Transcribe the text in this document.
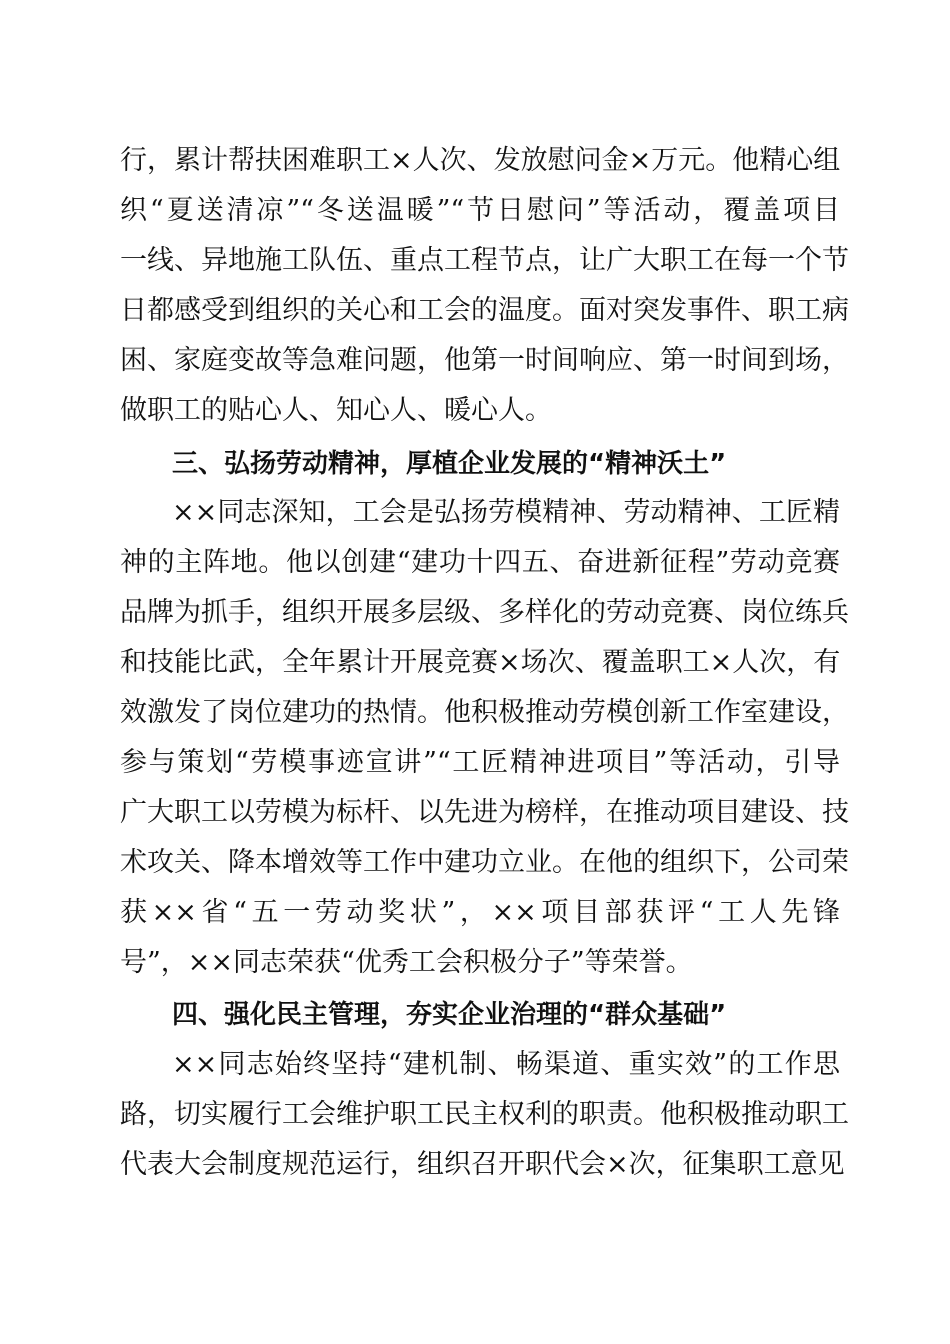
行，累计帮扶困难职工×人次、发放慰问金×万元。他精心组
织“夏送清凉”“冬送温暖”“节日慰问”等活动，覆盖项目
一线、异地施工队伍、重点工程节点，让广大职工在每一个节
日都感受到组织的关心和工会的温度。面对突发事件、职工病
困、家庭变故等急难问题，他第一时间响应、第一时间到场，
做职工的贴心人、知心人、暖心人。
三、弘扬劳动精神，厚植企业发展的“精神沃土”
××同志深知，工会是弘扬劳模精神、劳动精神、工匠精
神的主阵地。他以创建“建功十四五、奋进新征程”劳动竞赛
品牌为抓手，组织开展多层级、多样化的劳动竞赛、岗位练兵
和技能比武，全年累计开展竞赛×场次、覆盖职工×人次，有
效激发了岗位建功的热情。他积极推动劳模创新工作室建设，
参与策划“劳模事迹宣讲”“工匠精神进项目”等活动，引导
广大职工以劳模为标杆、以先进为榜样，在推动项目建设、技
术攻关、降本增效等工作中建功立业。在他的组织下，公司荣
获××省“五一劳动奖状”，××项目部获评“工人先锋
号”，××同志荣获“优秀工会积极分子”等荣誉。
四、强化民主管理，夯实企业治理的“群众基础”
××同志始终坚持“建机制、畅渠道、重实效”的工作思
路，切实履行工会维护职工民主权利的职责。他积极推动职工
代表大会制度规范运行，组织召开职代会×次，征集职工意见
